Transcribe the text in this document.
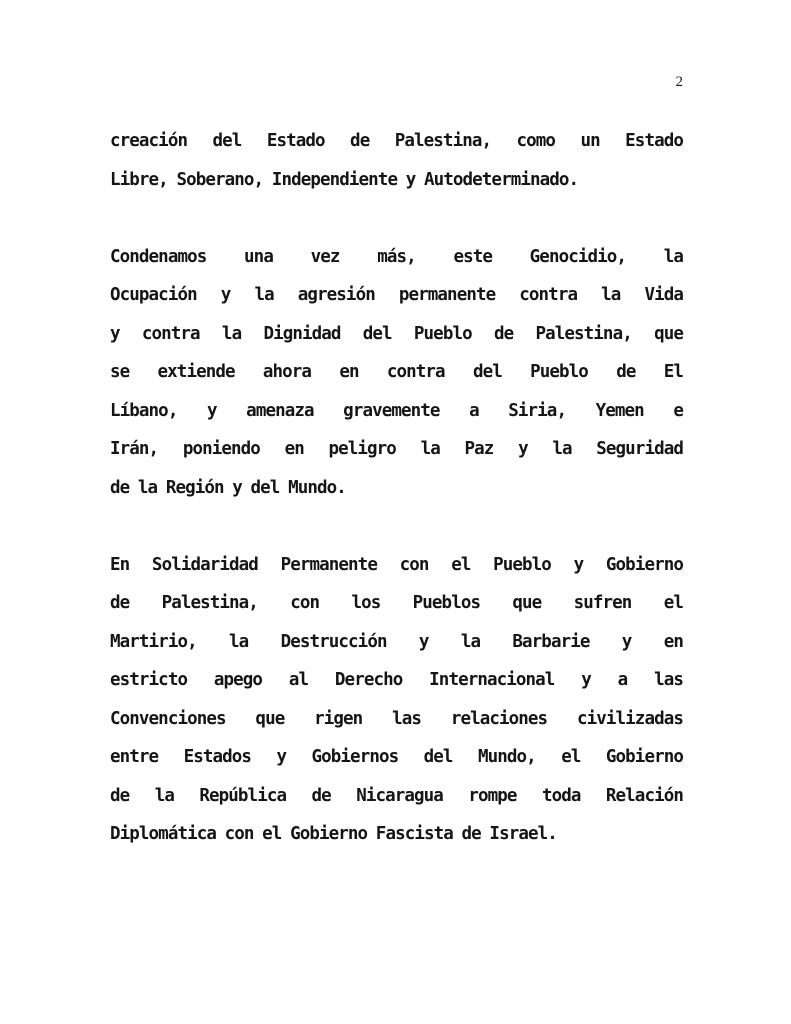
2

creación del Estado de Palestina, como un Estado
Libre, Soberano, Independiente y Autodeterminado.

Condenamos una vez más, este Genocidio, la
Ocupación y la agresión permanente contra la Vida
y contra la Dignidad del Pueblo de Palestina, que
se extiende ahora en contra del Pueblo de El
Líbano, y amenaza gravemente a Siria, Yemen e
Irán, poniendo en peligro la Paz y la Seguridad
de la Región y del Mundo.

En Solidaridad Permanente con el Pueblo y Gobierno
de Palestina, con los Pueblos que sufren el
Martirio, la Destrucción y la Barbarie y en
estricto apego al Derecho Internacional y a las
Convenciones que rigen las relaciones civilizadas
entre Estados y Gobiernos del Mundo, el Gobierno
de la República de Nicaragua rompe toda Relación
Diplomática con el Gobierno Fascista de Israel.
